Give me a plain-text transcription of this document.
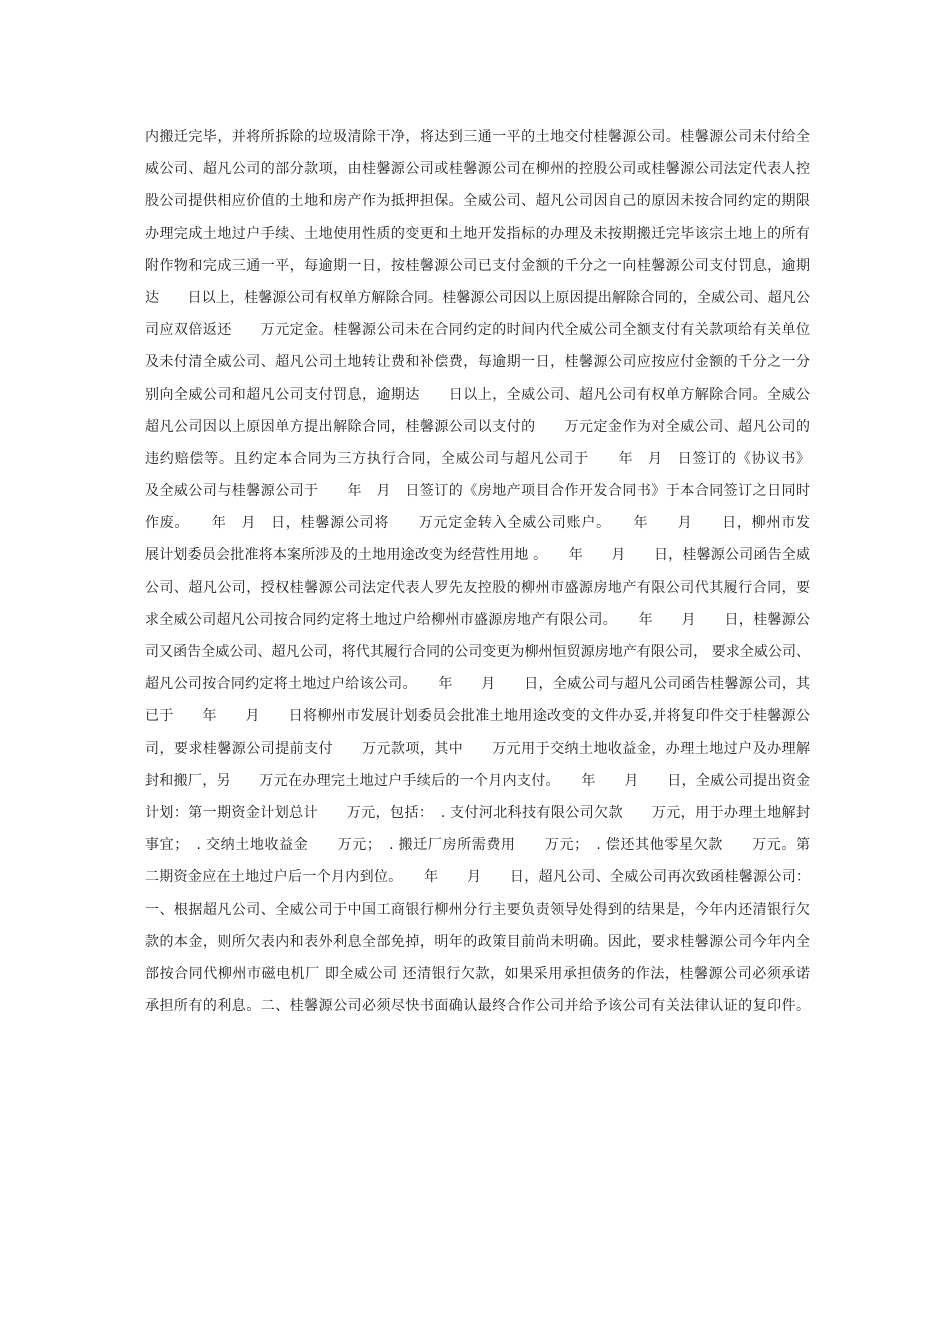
内搬迁完毕，并将所拆除的垃圾清除干净，将达到三通一平的土地交付桂馨源公司。桂馨源公司未付给全
威公司、超凡公司的部分款项，由桂馨源公司或桂馨源公司在柳州的控股公司或桂馨源公司法定代表人控
股公司提供相应价值的土地和房产作为抵押担保。全威公司、超凡公司因自己的原因未按合同约定的期限
办理完成土地过户手续、土地使用性质的变更和土地开发指标的办理及未按期搬迁完毕该宗土地上的所有
附作物和完成三通一平，每逾期一日，按桂馨源公司已支付金额的千分之一向桂馨源公司支付罚息，逾期
达　　日以上，桂馨源公司有权单方解除合同。桂馨源公司因以上原因提出解除合同的，全威公司、超凡公
司应双倍返还　　万元定金。桂馨源公司未在合同约定的时间内代全威公司全额支付有关款项给有关单位
及未付清全威公司、超凡公司土地转让费和补偿费，每逾期一日，桂馨源公司应按应付金额的千分之一分
别向全威公司和超凡公司支付罚息，逾期达　　日以上，全威公司、超凡公司有权单方解除合同。全威公
超凡公司因以上原因单方提出解除合同，桂馨源公司以支付的　　万元定金作为对全威公司、超凡公司的
违约赔偿等。且约定本合同为三方执行合同，全威公司与超凡公司于　　年　月　日签订的《协议书》
及全威公司与桂馨源公司于　　年　月　日签订的《房地产项目合作开发合同书》于本合同签订之日同时
作废。　　年　月　日，桂馨源公司将　　万元定金转入全威公司账户。　　年　　月　　日，柳州市发
展计划委员会批准将本案所涉及的土地用途改变为经营性用地 。　　年　　月　　日，桂馨源公司函告全威
公司、超凡公司，授权桂馨源公司法定代表人罗先友控股的柳州市盛源房地产有限公司代其履行合同，要
求全威公司超凡公司按合同约定将土地过户给柳州市盛源房地产有限公司。　　年　　月　　日，桂馨源公
司又函告全威公司、超凡公司，将代其履行合同的公司变更为柳州恒贸源房地产有限公司， 要求全威公司、
超凡公司按合同约定将土地过户给该公司。　　年　　月　　日，全威公司与超凡公司函告桂馨源公司，其
已于　　年　　月　　日将柳州市发展计划委员会批准土地用途改变的文件办妥,并将复印件交于桂馨源公
司，要求桂馨源公司提前支付　　万元款项，其中　　万元用于交纳土地收益金，办理土地过户及办理解
封和搬厂，另　　万元在办理完土地过户手续后的一个月内支付。　　年　　月　　日，全威公司提出资金
计划：第一期资金计划总计　　万元，包括：　. 支付河北科技有限公司欠款　　万元，用于办理土地解封
事宜；　. 交纳土地收益金　　万元；　. 搬迁厂房所需费用　　万元；　. 偿还其他零星欠款　　万元。第
二期资金应在土地过户后一个月内到位。　　年　　月　　日，超凡公司、全威公司再次致函桂馨源公司：
一、根据超凡公司、全威公司于中国工商银行柳州分行主要负责领导处得到的结果是，今年内还清银行欠
款的本金，则所欠表内和表外利息全部免掉，明年的政策目前尚未明确。因此，要求桂馨源公司今年内全
部按合同代柳州市磁电机厂 即全威公司 还清银行欠款，如果采用承担债务的作法，桂馨源公司必须承诺
承担所有的利息。二、桂馨源公司必须尽快书面确认最终合作公司并给予该公司有关法律认证的复印件。
